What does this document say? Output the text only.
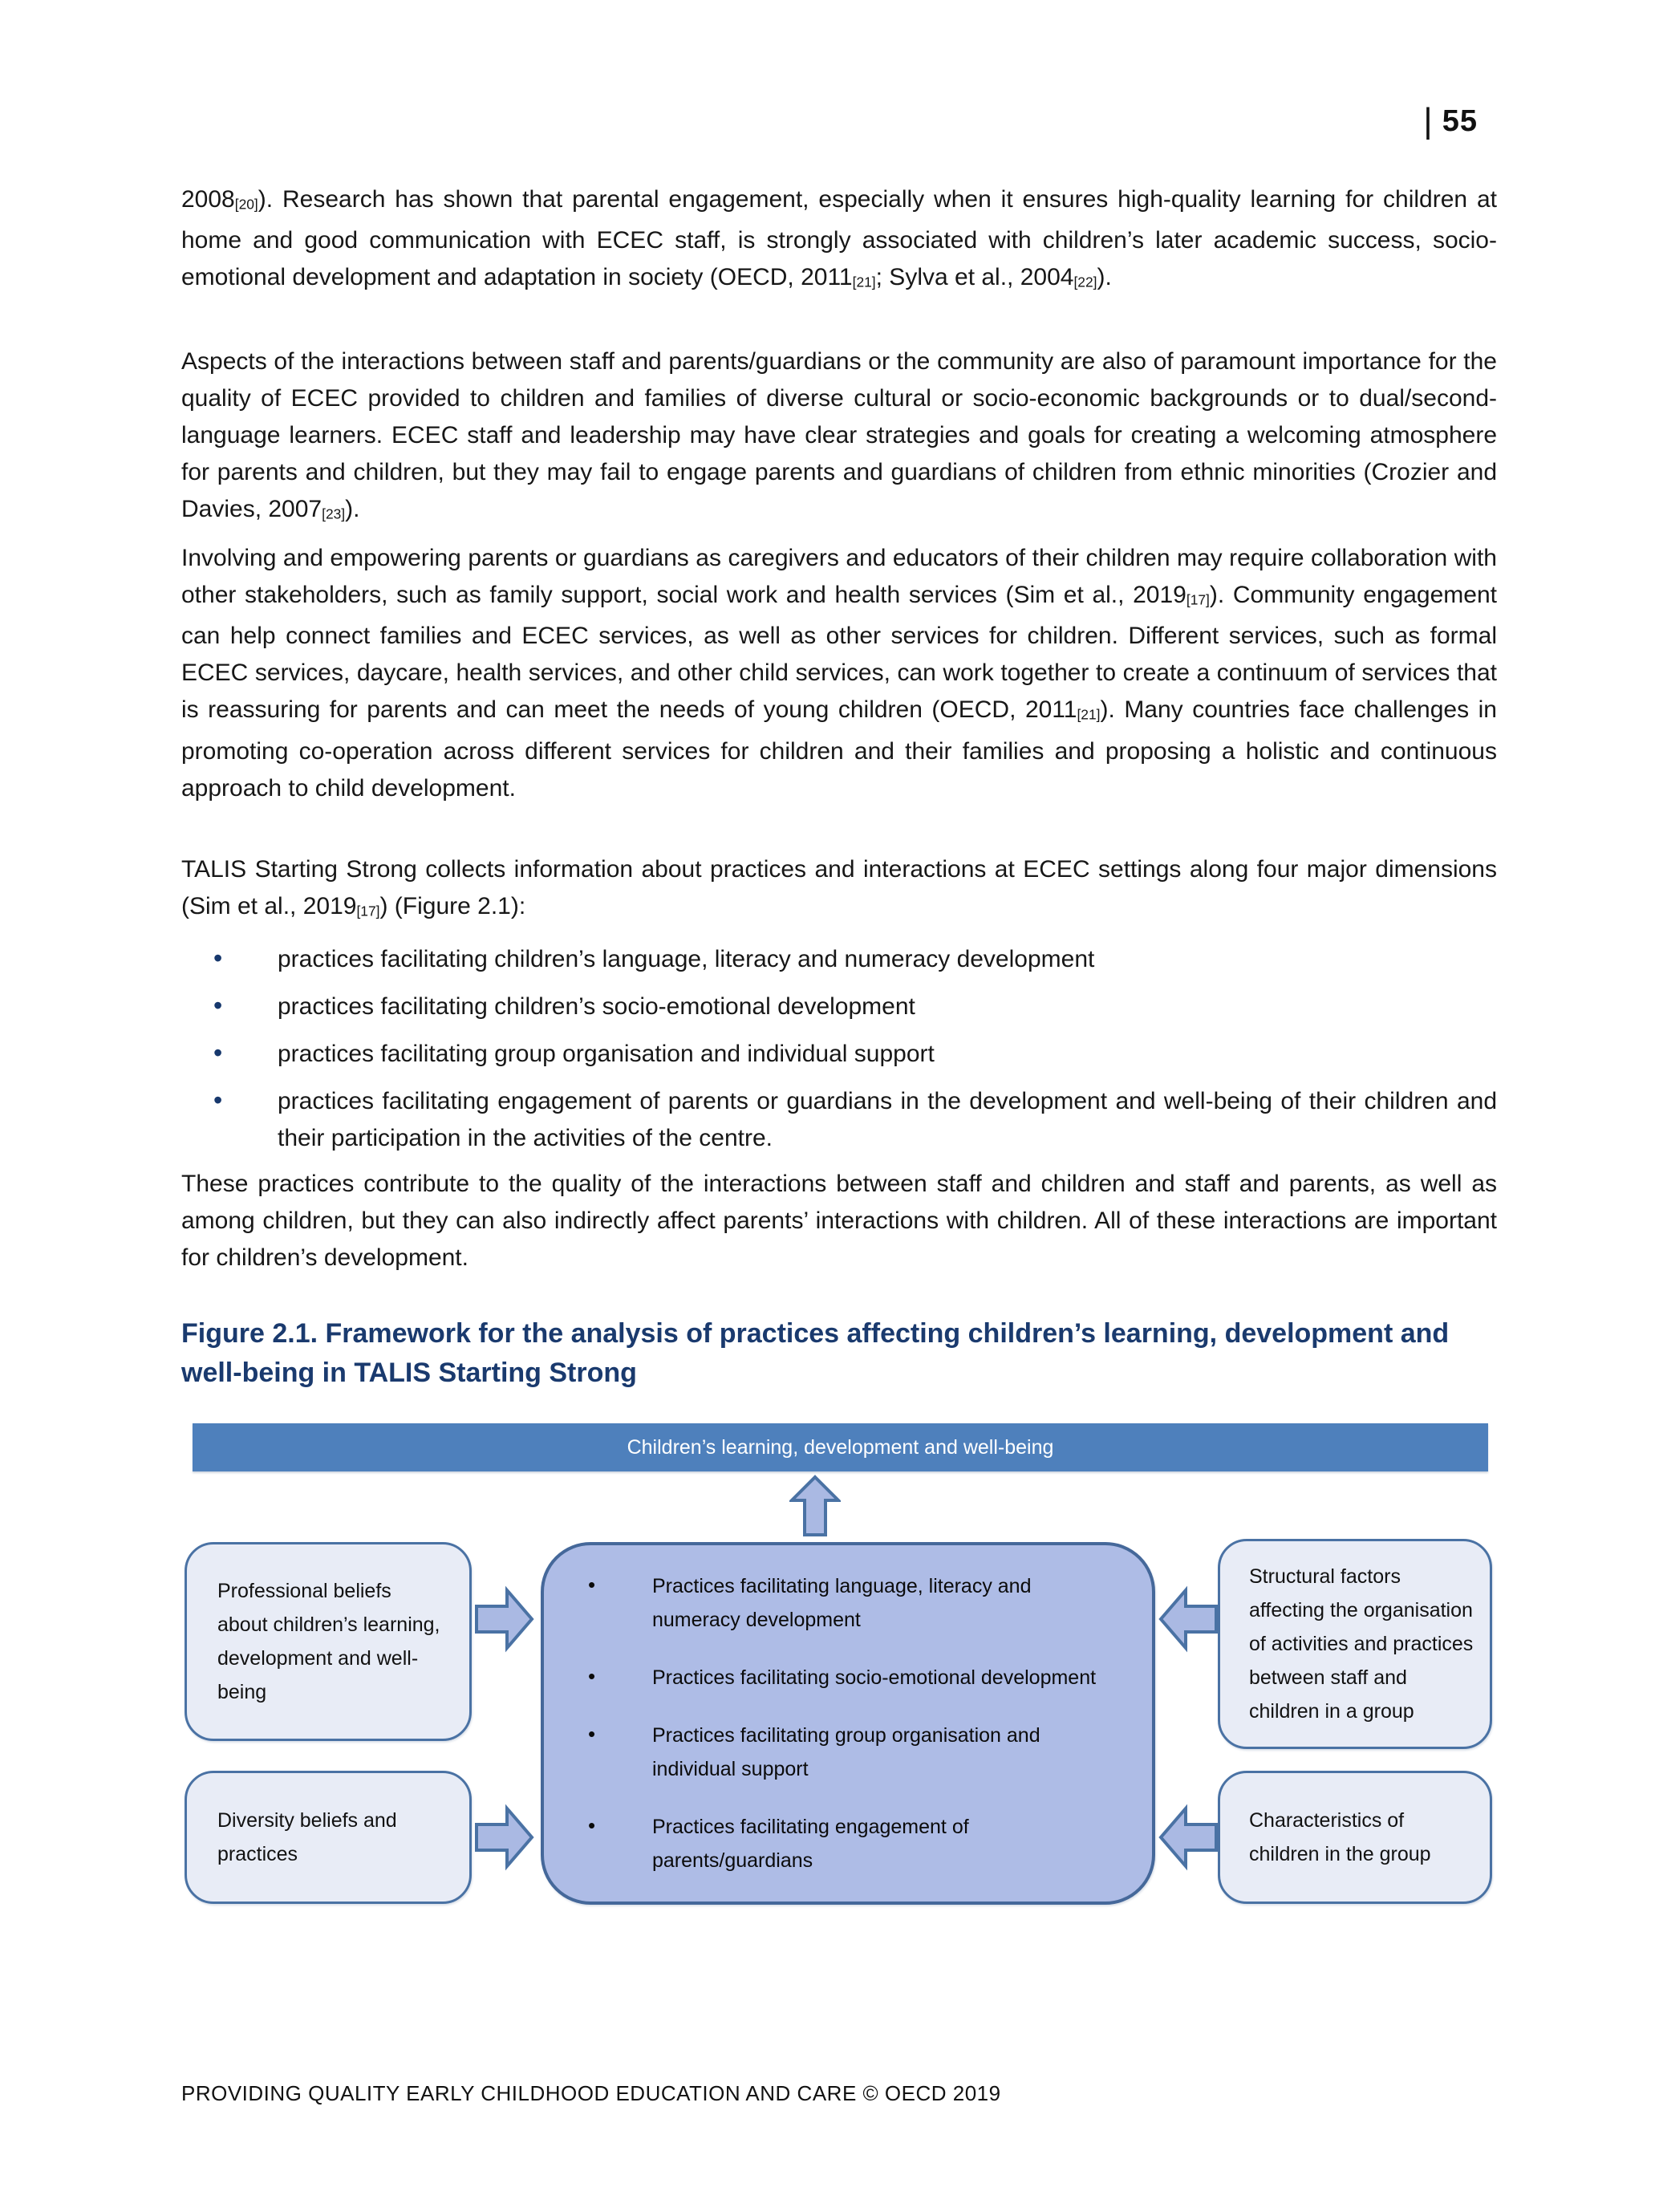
| 55

2008[20]). Research has shown that parental engagement, especially when it ensures high-quality learning for children at home and good communication with ECEC staff, is strongly associated with children’s later academic success, socio-emotional development and adaptation in society (OECD, 2011[21]; Sylva et al., 2004[22]).

Aspects of the interactions between staff and parents/guardians or the community are also of paramount importance for the quality of ECEC provided to children and families of diverse cultural or socio-economic backgrounds or to dual/second-language learners. ECEC staff and leadership may have clear strategies and goals for creating a welcoming atmosphere for parents and children, but they may fail to engage parents and guardians of children from ethnic minorities (Crozier and Davies, 2007[23]).

Involving and empowering parents or guardians as caregivers and educators of their children may require collaboration with other stakeholders, such as family support, social work and health services (Sim et al., 2019[17]). Community engagement can help connect families and ECEC services, as well as other services for children. Different services, such as formal ECEC services, daycare, health services, and other child services, can work together to create a continuum of services that is reassuring for parents and can meet the needs of young children (OECD, 2011[21]). Many countries face challenges in promoting co-operation across different services for children and their families and proposing a holistic and continuous approach to child development.

TALIS Starting Strong collects information about practices and interactions at ECEC settings along four major dimensions (Sim et al., 2019[17]) (Figure 2.1):

• practices facilitating children’s language, literacy and numeracy development
• practices facilitating children’s socio-emotional development
• practices facilitating group organisation and individual support
• practices facilitating engagement of parents or guardians in the development and well-being of their children and their participation in the activities of the centre.

These practices contribute to the quality of the interactions between staff and children and staff and parents, as well as among children, but they can also indirectly affect parents’ interactions with children. All of these interactions are important for children’s development.

Figure 2.1. Framework for the analysis of practices affecting children’s learning, development and well-being in TALIS Starting Strong
Children’s learning, development and well-being
Professional beliefs about children’s learning, development and well-being
Diversity beliefs and practices
•	Practices facilitating language, literacy and numeracy development
•	Practices facilitating socio-emotional development
•	Practices facilitating group organisation and individual support
•	Practices facilitating engagement of parents/guardians
Structural factors affecting the organisation of activities and practices between staff and children in a group
Characteristics of children in the group
PROVIDING QUALITY EARLY CHILDHOOD EDUCATION AND CARE © OECD 2019
